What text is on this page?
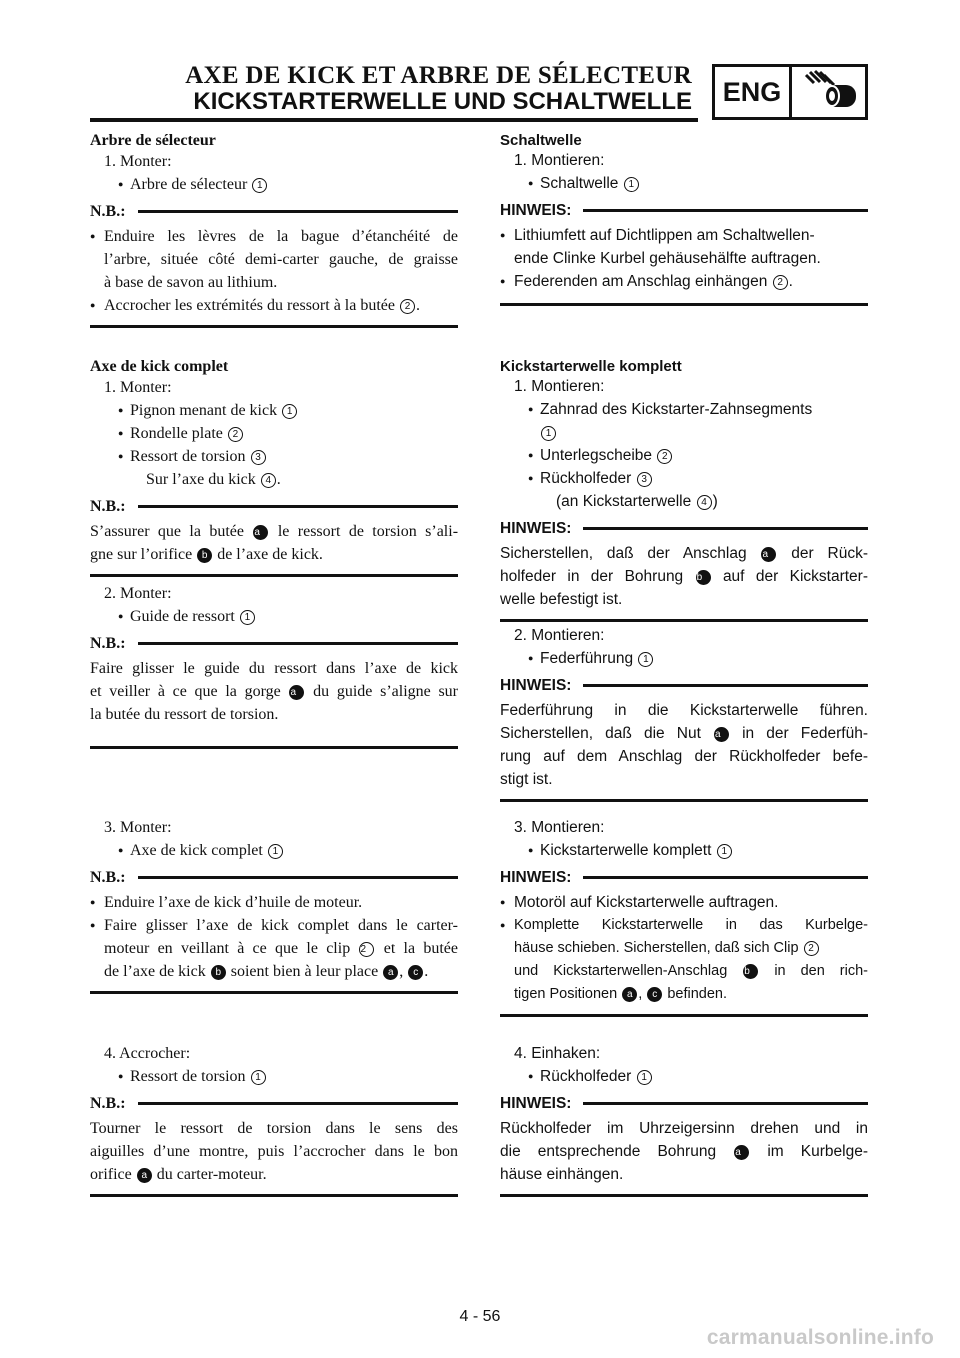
AXE DE KICK ET ARBRE DE SÉLECTEUR
KICKSTARTERWELLE UND SCHALTWELLE	ENG
Arbre de sélecteur
1. Monter:
● Arbre de sélecteur 1
N.B.:
● Enduire les lèvres de la bague d’étanchéité de
l’arbre, située côté demi-carter gauche, de graisse
à base de savon au lithium.
● Accrocher les extrémités du ressort à la butée 2 .
Axe de kick complet
1. Monter:
● Pignon menant de kick 1
● Rondelle plate 2
● Ressort de torsion 3
Sur l’axe du kick 4 .
N.B.:
S’assurer que la butée a le ressort de torsion s’ali-
gne sur l’orifice b de l’axe de kick.
2. Monter:
● Guide de ressort 1
N.B.:
Faire glisser le guide du ressort dans l’axe de kick
et veiller à ce que la gorge a du guide s’aligne sur
la butée du ressort de torsion.
3. Monter:
● Axe de kick complet 1
N.B.:
● Enduire l’axe de kick d’huile de moteur.
● Faire glisser l’axe de kick complet dans le carter-
moteur en veillant à ce que le clip 2 et la butée
de l’axe de kick b soient bien à leur place a , c .
4. Accrocher:
● Ressort de torsion 1
N.B.:
Tourner le ressort de torsion dans le sens des
aiguilles d’une montre, puis l’accrocher dans le bon
orifice a du carter-moteur.
Schaltwelle
1. Montieren:
● Schaltwelle 1
HINWEIS:
● Lithiumfett auf Dichtlippen am Schaltwellen-
ende Clinke Kurbel gehäusehälfte auftragen.
● Federenden am Anschlag einhängen 2 .
Kickstarterwelle komplett
1. Montieren:
● Zahnrad des Kickstarter-Zahnsegments
1
● Unterlegscheibe 2
● Rückholfeder 3
(an Kickstarterwelle 4 )
HINWEIS:
Sicherstellen, daß der Anschlag a der Rück-
holfeder in der Bohrung b auf der Kickstarter-
welle befestigt ist.
2. Montieren:
● Federführung 1
HINWEIS:
Federführung in die Kickstarterwelle führen.
Sicherstellen, daß die Nut a in der Federfüh-
rung auf dem Anschlag der Rückholfeder befe-
stigt ist.
3. Montieren:
● Kickstarterwelle komplett 1
HINWEIS:
● Motoröl auf Kickstarterwelle auftragen.
● Komplette Kickstarterwelle in das Kurbelge-
häuse schieben. Sicherstellen, daß sich Clip 2
und Kickstarterwellen-Anschlag b in den rich-
tigen Positionen a , c befinden.
4. Einhaken:
● Rückholfeder 1
HINWEIS:
Rückholfeder im Uhrzeigersinn drehen und in
die entsprechende Bohrung a im Kurbelge-
häuse einhängen.
4 - 56
carmanualsonline.info
